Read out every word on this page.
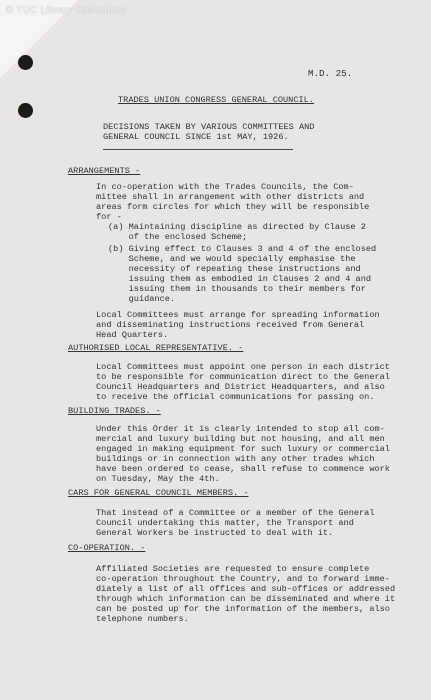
© TUC Library Collections
M.D. 25.
TRADES UNION CONGRESS GENERAL COUNCIL.
DECISIONS TAKEN BY VARIOUS COMMITTEES AND
GENERAL COUNCIL SINCE 1st MAY, 1926.
ARRANGEMENTS -
In co-operation with the Trades Councils, the Com-
mittee shall in arrangement with other districts and
areas form circles for which they will be responsible
for -
(a) Maintaining discipline as directed by Clause 2
of the enclosed Scheme;
(b) Giving effect to Clauses 3 and 4 of the enclosed
Scheme, and we would specially emphasise the
necessity of repeating these instructions and
issuing them as embodied in Clauses 2 and 4 and
issuing them in thousands to their members for
guidance.
Local Committees must arrange for spreading information
and disseminating instructions received from General
Head Quarters.
AUTHORISED LOCAL REPRESENTATIVE. -
Local Committees must appoint one person in each district
to be responsible for communication direct to the General
Council Headquarters and District Headquarters, and also
to receive the official communications for passing on.
BUILDING TRADES. -
Under this Order it is clearly intended to stop all com-
mercial and luxury building but not housing, and all men
engaged in making equipment for such luxury or commercial
buildings or in connection with any other trades which
have been ordered to cease, shall refuse to commence work
on Tuesday, May the 4th.
CARS FOR GENERAL COUNCIL MEMBERS. -
That instead of a Committee or a member of the General
Council undertaking this matter, the Transport and
General Workers be instructed to deal with it.
CO-OPERATION. -
Affiliated Societies are requested to ensure complete
co-operation throughout the Country, and to forward imme-
diately a list of all offices and sub-offices or addressed
through which information can be disseminated and where it
can be posted up for the information of the members, also
telephone numbers.
